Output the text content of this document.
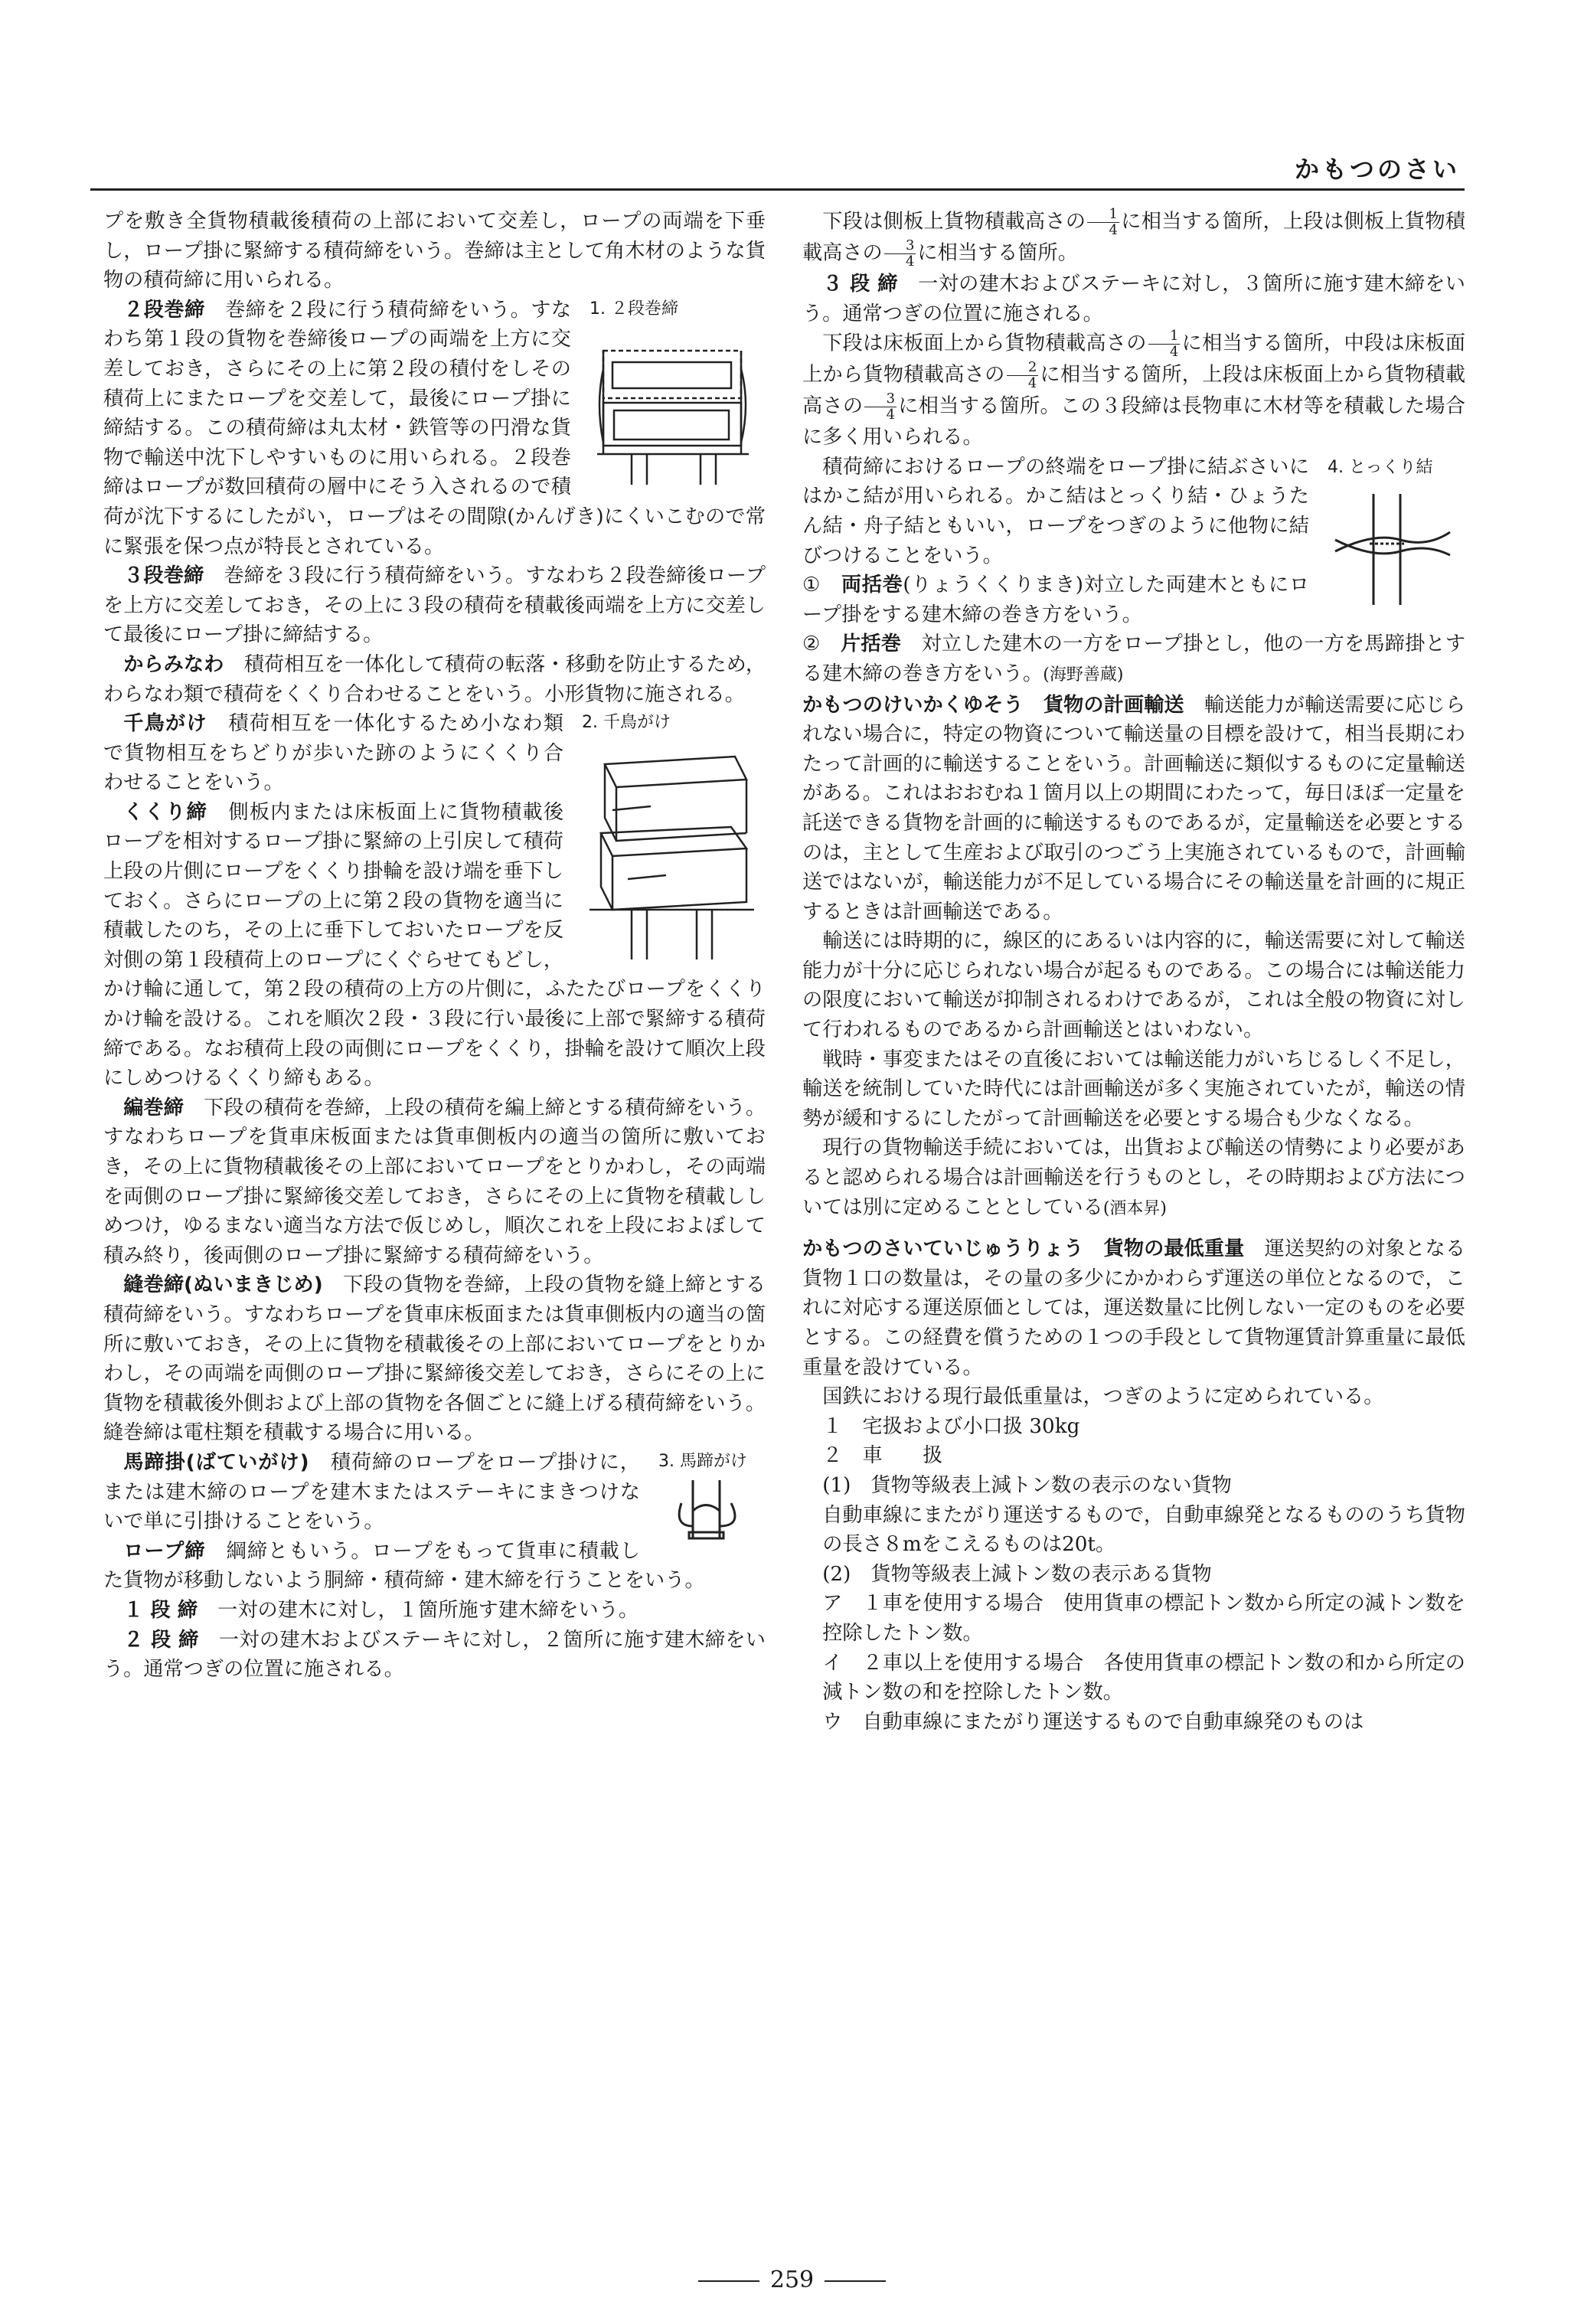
かもつのさい

プを敷き全貨物積載後積荷の上部において交差し，ロープの両端を下垂し，ロープ掛に緊締する積荷締をいう。巻締は主として角木材のような貨物の積荷締に用いられる。

1. ２段巻締

２段巻締　 巻締を２段に行う積荷締をいう。すなわち第１段の貨物を巻締後ロープの両端を上方に交差しておき，さらにその上に第２段の積付をしその積荷上にまたロープを交差して，最後にロープ掛に締結する。この積荷締は丸太材・鉄管等の円滑な貨物で輸送中沈下しやすいものに用いられる。２段巻締はロープが数回積荷の層中にそう入されるので積荷が沈下するにしたがい，ロープはその間隙(かんげき)にくいこむので常に緊張を保つ点が特長とされている。

３段巻締　 巻締を３段に行う積荷締をいう。すなわち２段巻締後ロープを上方に交差しておき，その上に３段の積荷を積載後両端を上方に交差して最後にロープ掛に締結する。

からみなわ　 積荷相互を一体化して積荷の転落・移動を防止するため，わらなわ類で積荷をくくり合わせることをいう。小形貨物に施される。

2. 千鳥がけ

千鳥がけ　 積荷相互を一体化するため小なわ類で貨物相互をちどりが歩いた跡のようにくくり合わせることをいう。

くくり締　 側板内または床板面上に貨物積載後ロープを相対するロープ掛に緊締の上引戻して積荷上段の片側にロープをくくり掛輪を設け端を垂下しておく。さらにロープの上に第２段の貨物を適当に積載したのち，その上に垂下しておいたロープを反対側の第１段積荷上のロープにくぐらせてもどし，かけ輪に通して，第２段の積荷の上方の片側に，ふたたびロープをくくりかけ輪を設ける。これを順次２段・３段に行い最後に上部で緊締する積荷締である。なお積荷上段の両側にロープをくくり，掛輪を設けて順次上段にしめつけるくくり締もある。

編巻締　 下段の積荷を巻締，上段の積荷を編上締とする積荷締をいう。すなわちロープを貨車床板面または貨車側板内の適当の箇所に敷いておき，その上に貨物積載後その上部においてロープをとりかわし，その両端を両側のロープ掛に緊締後交差しておき，さらにその上に貨物を積載ししめつけ，ゆるまない適当な方法で仮じめし，順次これを上段におよぼして積み終り，後両側のロープ掛に緊締する積荷締をいう。

縫巻締(ぬいまきじめ)　 下段の貨物を巻締，上段の貨物を縫上締とする積荷締をいう。すなわちロープを貨車床板面または貨車側板内の適当の箇所に敷いておき，その上に貨物を積載後その上部においてロープをとりかわし，その両端を両側のロープ掛に緊締後交差しておき，さらにその上に貨物を積載後外側および上部の貨物を各個ごとに縫上げる積荷締をいう。縫巻締は電柱類を積載する場合に用いる。

3. 馬蹄がけ

馬蹄掛(ばていがけ)　 積荷締のロープをロープ掛けに，または建木締のロープを建木またはステーキにまきつけないで単に引掛けることをいう。

ロープ締　 綱締ともいう。ロープをもって貨車に積載した貨物が移動しないよう胴締・積荷締・建木締を行うことをいう。

１ 段 締　 一対の建木に対し，１箇所施す建木締をいう。

２ 段 締　 一対の建木およびステーキに対し，２箇所に施す建木締をいう。通常つぎの位置に施される。

下段は側板上貨物積載高さの $\frac{1}{4}$ に相当する箇所，上段は側板上貨物積載高さの $\frac{3}{4}$ に相当する箇所。

３ 段 締　 一対の建木およびステーキに対し，３箇所に施す建木締をいう。通常つぎの位置に施される。

下段は床板面上から貨物積載高さの $\frac{1}{4}$ に相当する箇所，中段は床板面上から貨物積載高さの $\frac{2}{4}$ に相当する箇所，上段は床板面上から貨物積載高さの $\frac{3}{4}$ に相当する箇所。この３段締は長物車に木材等を積載した場合に多く用いられる。

4. とっくり結

積荷締におけるロープの終端をロープ掛に結ぶさいにはかこ結が用いられる。かこ結はとっくり結・ひょうたん結・舟子結ともいい，ロープをつぎのように他物に結びつけることをいう。

①　 両括巻(りょうくくりまき)対立した両建木ともにロープ掛をする建木締の巻き方をいう。

②　 片括巻　 対立した建木の一方をロープ掛とし，他の一方を馬蹄掛とする建木締の巻き方をいう。(海野善蔵)

かもつのけいかくゆそう　 貨物の計画輸送　 輸送能力が輸送需要に応じられない場合に，特定の物資について輸送量の目標を設けて，相当長期にわたって計画的に輸送することをいう。計画輸送に類似するものに定量輸送がある。これはおおむね１箇月以上の期間にわたって，毎日ほぼ一定量を託送できる貨物を計画的に輸送するものであるが，定量輸送を必要とするのは，主として生産および取引のつごう上実施されているもので，計画輸送ではないが，輸送能力が不足している場合にその輸送量を計画的に規正するときは計画輸送である。

輸送には時期的に，線区的にあるいは内容的に，輸送需要に対して輸送能力が十分に応じられない場合が起るものである。この場合には輸送能力の限度において輸送が抑制されるわけであるが，これは全般の物資に対して行われるものであるから計画輸送とはいわない。

戦時・事変またはその直後においては輸送能力がいちじるしく不足し，輸送を統制していた時代には計画輸送が多く実施されていたが，輸送の情勢が緩和するにしたがって計画輸送を必要とする場合も少なくなる。

現行の貨物輸送手続においては，出貨および輸送の情勢により必要があると認められる場合は計画輸送を行うものとし，その時期および方法については別に定めることとしている(酒本昇)

かもつのさいていじゅうりょう　 貨物の最低重量　 運送契約の対象となる貨物１口の数量は，その量の多少にかかわらず運送の単位となるので，これに対応する運送原価としては，運送数量に比例しない一定のものを必要とする。この経費を償うための１つの手段として貨物運賃計算重量に最低重量を設けている。

国鉄における現行最低重量は，つぎのように定められている。

１　宅扱および小口扱 30kg

２　車　　扱

(1)　貨物等級表上減トン数の表示のない貨物

自動車線にまたがり運送するもので，自動車線発となるもののうち貨物の長さ８mをこえるものは20t。

(2)　貨物等級表上減トン数の表示ある貨物

ア　１車を使用する場合　使用貨車の標記トン数から所定の減トン数を控除したトン数。

イ　２車以上を使用する場合　各使用貨車の標記トン数の和から所定の減トン数の和を控除したトン数。

ウ　自動車線にまたがり運送するもので自動車線発のものは

259
